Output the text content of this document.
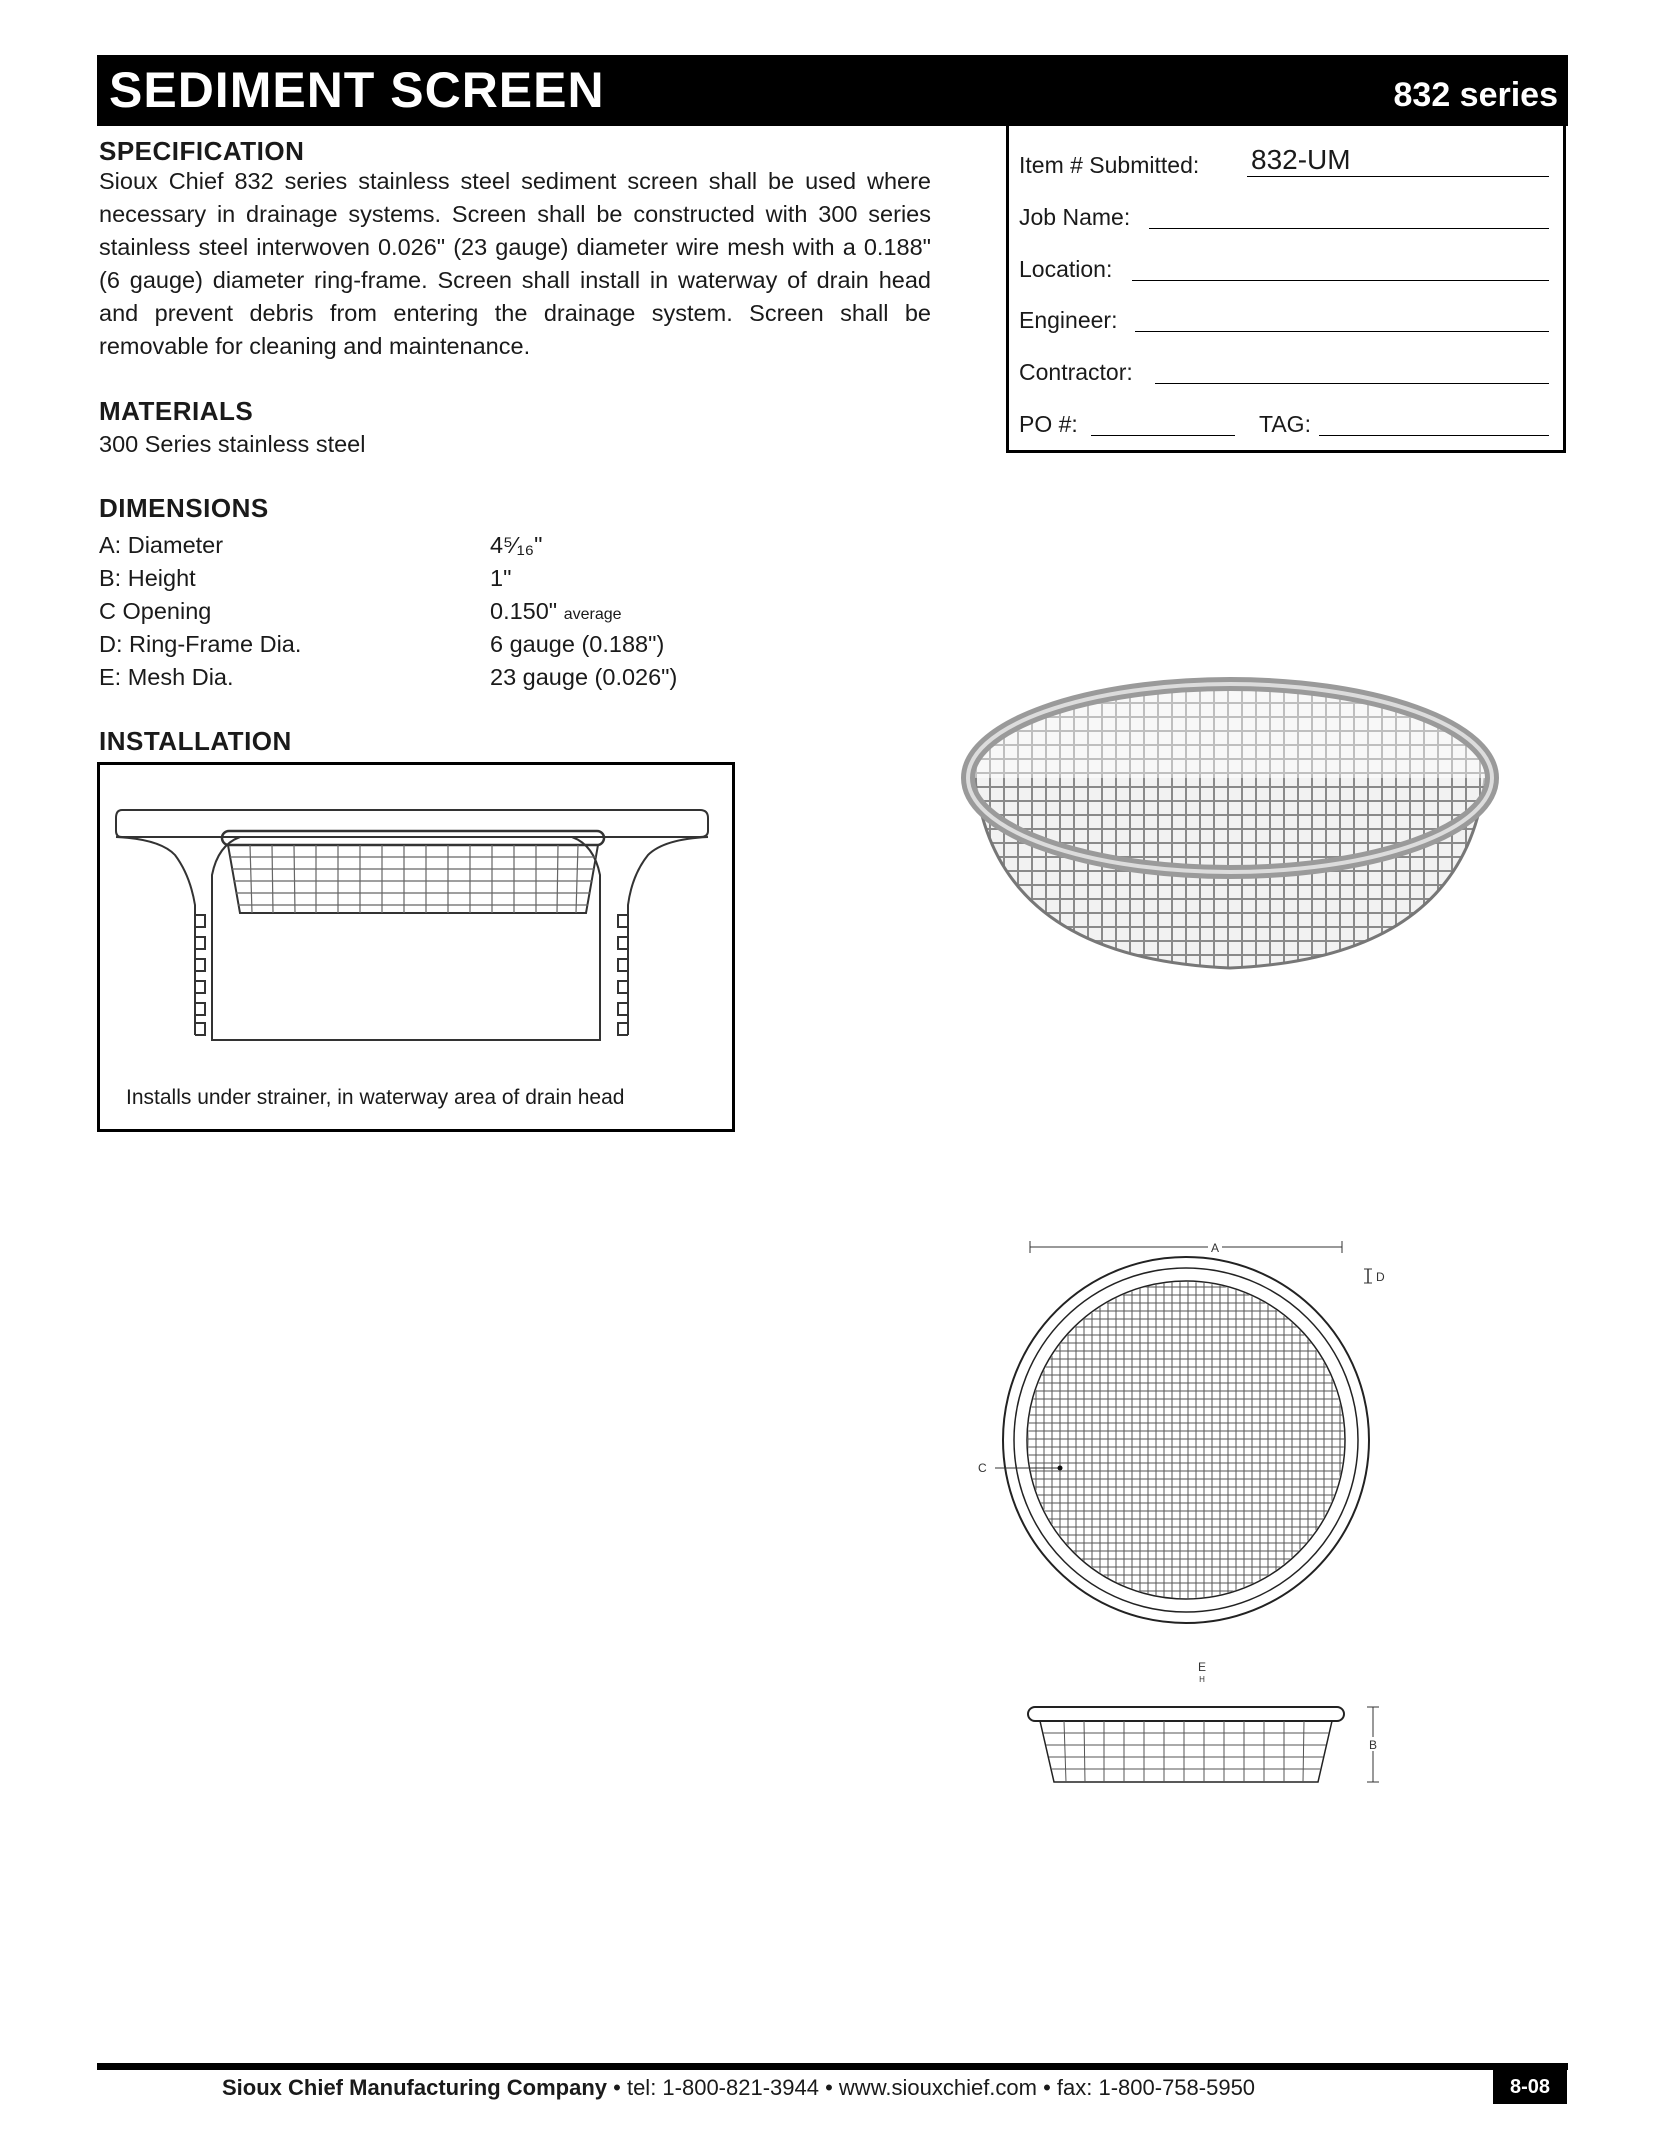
SEDIMENT SCREEN	832 series
SPECIFICATION
Sioux Chief 832 series stainless steel sediment screen shall be used where necessary in drainage systems. Screen shall be constructed with 300 series stainless steel interwoven 0.026" (23 gauge) diameter wire mesh with a 0.188" (6 gauge) diameter ring-frame. Screen shall install in waterway of drain head and prevent debris from entering the drainage system. Screen shall be removable for cleaning and maintenance.
MATERIALS
300 Series stainless steel
DIMENSIONS
A: Diameter	4⁵⁄₁₆"
B: Height	1"
C Opening	0.150" average
D: Ring-Frame Dia.	6 gauge (0.188")
E: Mesh Dia.	23 gauge (0.026")
Item # Submitted: 832-UM
Job Name:
Location:
Engineer:
Contractor:
PO #:	TAG:
INSTALLATION
Installs under strainer, in waterway area of drain head
A
D
C
E
H
B
Sioux Chief Manufacturing Company • tel: 1-800-821-3944 • www.siouxchief.com • fax: 1-800-758-5950	8-08
